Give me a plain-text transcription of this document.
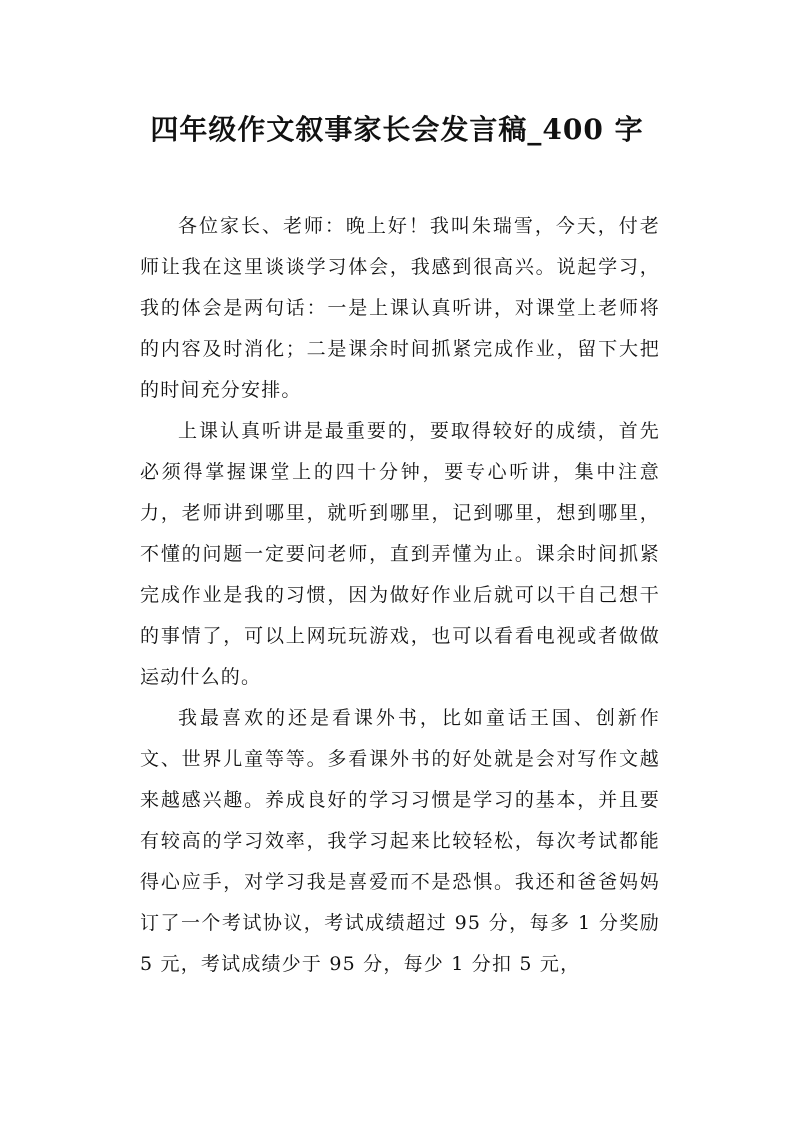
四年级作文叙事家长会发言稿_400 字

各位家长、老师：晚上好！我叫朱瑞雪，今天，付老师让我在这里谈谈学习体会，我感到很高兴。说起学习，我的体会是两句话：一是上课认真听讲，对课堂上老师将的内容及时消化；二是课余时间抓紧完成作业，留下大把的时间充分安排。

上课认真听讲是最重要的，要取得较好的成绩，首先必须得掌握课堂上的四十分钟，要专心听讲，集中注意力，老师讲到哪里，就听到哪里，记到哪里，想到哪里，不懂的问题一定要问老师，直到弄懂为止。课余时间抓紧完成作业是我的习惯，因为做好作业后就可以干自己想干的事情了，可以上网玩玩游戏，也可以看看电视或者做做运动什么的。

我最喜欢的还是看课外书，比如童话王国、创新作文、世界儿童等等。多看课外书的好处就是会对写作文越来越感兴趣。养成良好的学习习惯是学习的基本，并且要有较高的学习效率，我学习起来比较轻松，每次考试都能得心应手，对学习我是喜爱而不是恐惧。我还和爸爸妈妈订了一个考试协议，考试成绩超过 95 分，每多 1 分奖励 5 元，考试成绩少于 95 分，每少 1 分扣 5 元，
